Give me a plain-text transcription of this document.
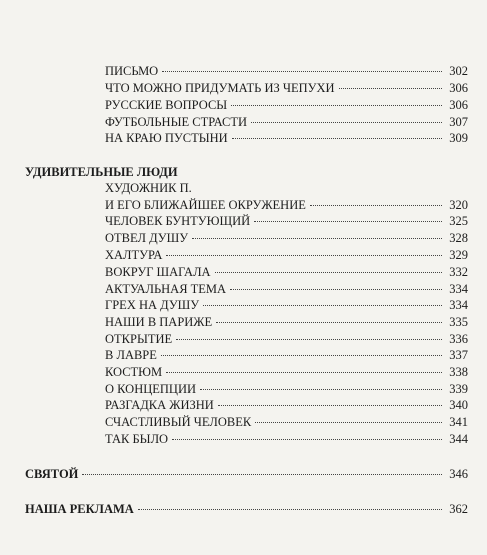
ПИСЬМО	302
ЧТО МОЖНО ПРИДУМАТЬ ИЗ ЧЕПУХИ	306
РУССКИЕ ВОПРОСЫ	306
ФУТБОЛЬНЫЕ СТРАСТИ	307
НА КРАЮ ПУСТЫНИ	309
УДИВИТЕЛЬНЫЕ ЛЮДИ
ХУДОЖНИК П.
И ЕГО БЛИЖАЙШЕЕ ОКРУЖЕНИЕ	320
ЧЕЛОВЕК БУНТУЮЩИЙ	325
ОТВЕЛ ДУШУ	328
ХАЛТУРА	329
ВОКРУГ ШАГАЛА	332
АКТУАЛЬНАЯ ТЕМА	334
ГРЕХ НА ДУШУ	334
НАШИ В ПАРИЖЕ	335
ОТКРЫТИЕ	336
В ЛАВРЕ	337
КОСТЮМ	338
О КОНЦЕПЦИИ	339
РАЗГАДКА ЖИЗНИ	340
СЧАСТЛИВЫЙ ЧЕЛОВЕК	341
ТАК БЫЛО	344
СВЯТОЙ	346
НАША РЕКЛАМА	362
